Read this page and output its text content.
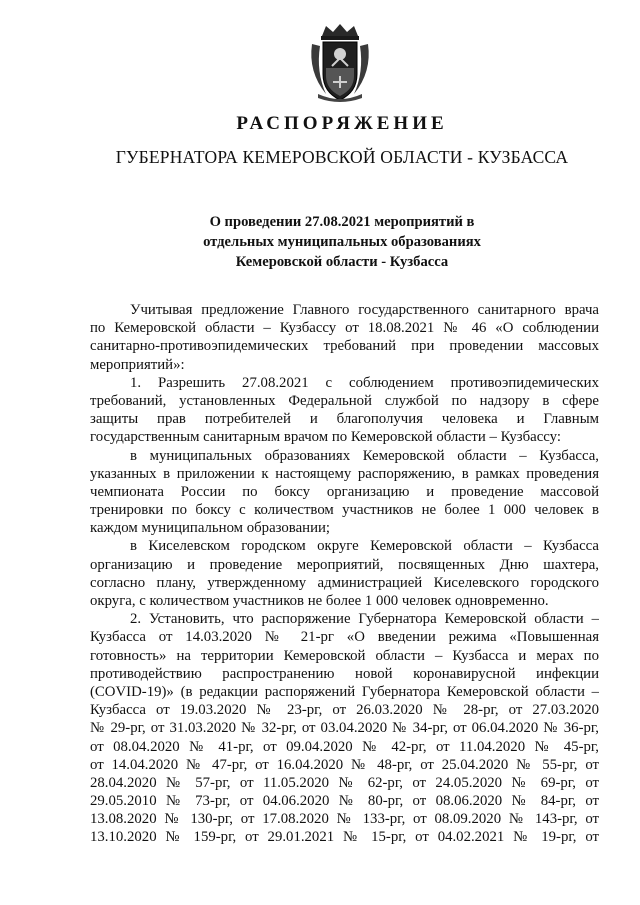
РАСПОРЯЖЕНИЕ
ГУБЕРНАТОРА КЕМЕРОВСКОЙ ОБЛАСТИ - КУЗБАССА
О проведении 27.08.2021 мероприятий в
отдельных муниципальных образованиях
Кемеровской области - Кузбасса
Учитывая предложение Главного государственного санитарного врача
по Кемеровской области – Кузбассу от 18.08.2021 № 46 «О соблюдении
санитарно-противоэпидемических требований при проведении массовых
мероприятий»:
1. Разрешить 27.08.2021 с соблюдением противоэпидемических
требований, установленных Федеральной службой по надзору в сфере
защиты прав потребителей и благополучия человека и Главным
государственным санитарным врачом по Кемеровской области – Кузбассу:
в муниципальных образованиях Кемеровской области – Кузбасса,
указанных в приложении к настоящему распоряжению, в рамках проведения
чемпионата России по боксу организацию и проведение массовой
тренировки по боксу с количеством участников не более 1 000 человек в
каждом муниципальном образовании;
в Киселевском городском округе Кемеровской области – Кузбасса
организацию и проведение мероприятий, посвященных Дню шахтера,
согласно плану, утвержденному администрацией Киселевского городского
округа, с количеством участников не более 1 000 человек одновременно.
2. Установить, что распоряжение Губернатора Кемеровской области –
Кузбасса от 14.03.2020 № 21-рг «О введении режима «Повышенная
готовность» на территории Кемеровской области – Кузбасса и мерах по
противодействию распространению новой коронавирусной инфекции
(COVID-19)» (в редакции распоряжений Губернатора Кемеровской области –
Кузбасса от 19.03.2020 № 23-рг, от 26.03.2020 № 28-рг, от 27.03.2020
№ 29-рг, от 31.03.2020 № 32-рг, от 03.04.2020 № 34-рг, от 06.04.2020 № 36-рг,
от 08.04.2020 № 41-рг, от 09.04.2020 № 42-рг, от 11.04.2020 № 45-рг,
от 14.04.2020 № 47-рг, от 16.04.2020 № 48-рг, от 25.04.2020 № 55-рг, от
28.04.2020 № 57-рг, от 11.05.2020 № 62-рг, от 24.05.2020 № 69-рг, от
29.05.2010 № 73-рг, от 04.06.2020 № 80-рг, от 08.06.2020 № 84-рг, от
13.08.2020 № 130-рг, от 17.08.2020 № 133-рг, от 08.09.2020 № 143-рг, от
13.10.2020 № 159-рг, от 29.01.2021 № 15-рг, от 04.02.2021 № 19-рг, от
